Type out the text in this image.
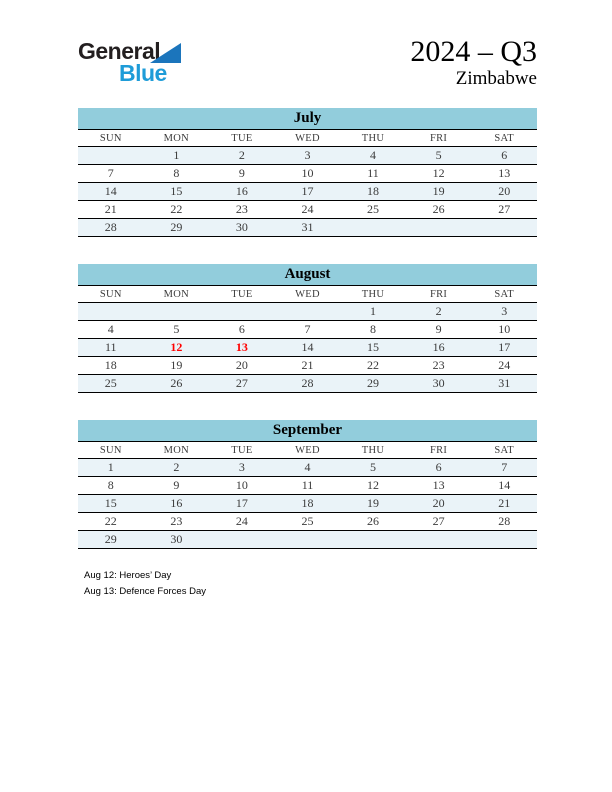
General
Blue
2024 – Q3
Zimbabwe
July						
SUN	MON	TUE	WED	THU	FRI	SAT
	1	2	3	4	5	6
7	8	9	10	11	12	13
14	15	16	17	18	19	20
21	22	23	24	25	26	27
28	29	30	31			
August						
SUN	MON	TUE	WED	THU	FRI	SAT
				1	2	3
4	5	6	7	8	9	10
11	12	13	14	15	16	17
18	19	20	21	22	23	24
25	26	27	28	29	30	31
September						
SUN	MON	TUE	WED	THU	FRI	SAT
1	2	3	4	5	6	7
8	9	10	11	12	13	14
15	16	17	18	19	20	21
22	23	24	25	26	27	28
29	30					
Aug 12: Heroes’ Day
Aug 13: Defence Forces Day
